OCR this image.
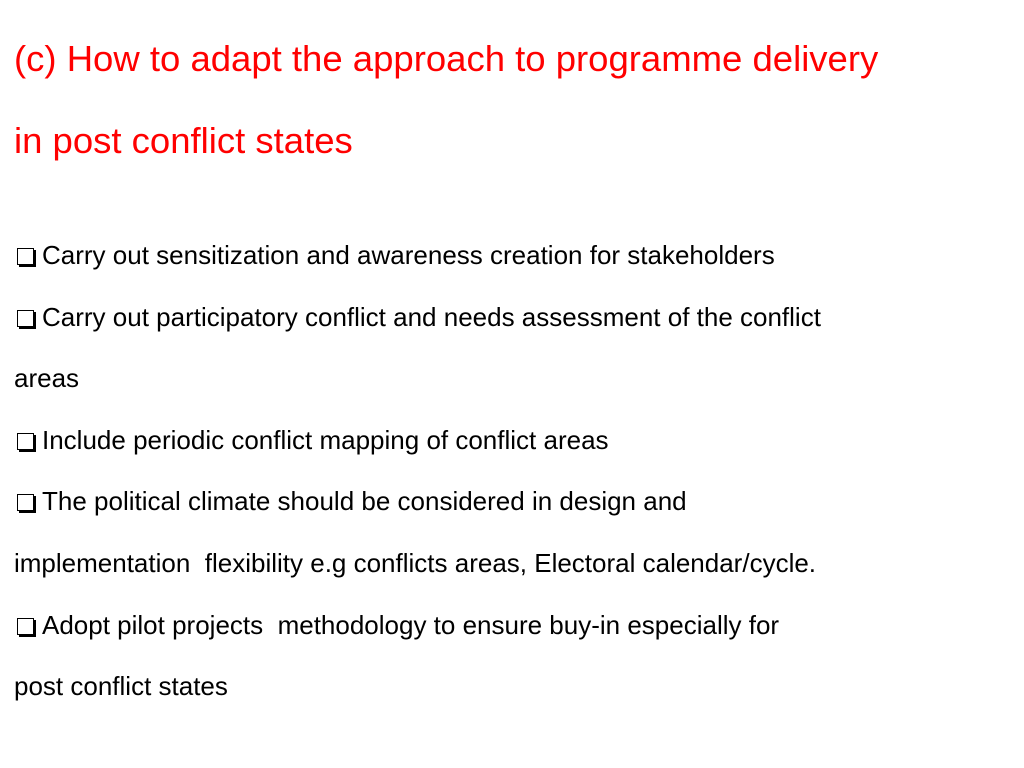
(c) How to adapt the approach to programme delivery
in post conflict states
Carry out sensitization and awareness creation for stakeholders
Carry out participatory conflict and needs assessment of the conflict
areas
Include periodic conflict mapping of conflict areas
The political climate should be considered in design and
implementation  flexibility e.g conflicts areas, Electoral calendar/cycle.
Adopt pilot projects  methodology to ensure buy-in especially for
post conflict states
